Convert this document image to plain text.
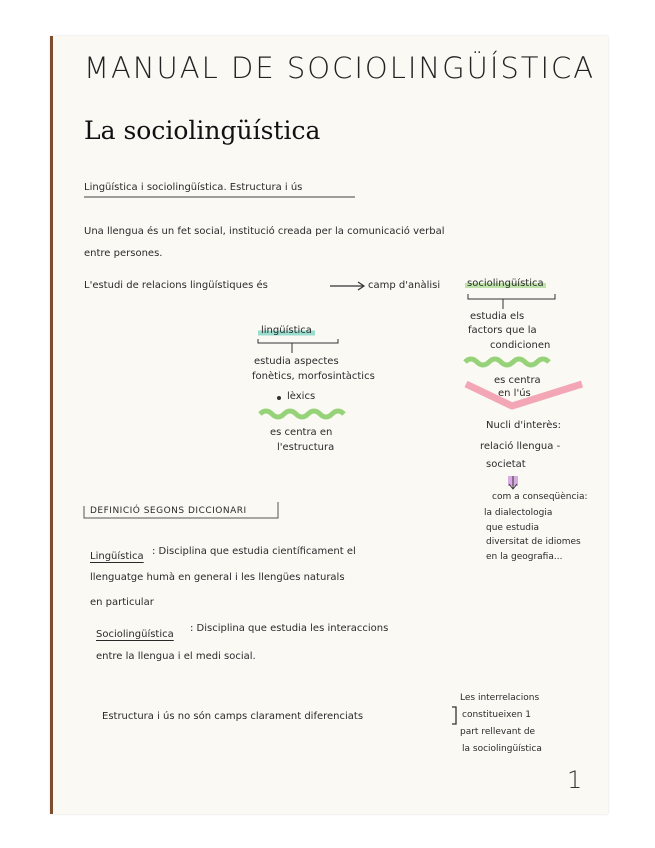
MANUAL DE SOCIOLINGÜÍSTICA
La sociolingüística
Lingüística i sociolingüística. Estructura i ús
Una llengua és un fet social, institució creada per la comunicació verbal
entre persones.
L'estudi de relacions lingüístiques és	camp d'anàlisi	sociolingüística
estudia els
factors que la
condicionen
es centra
en l'ús
lingüística
estudia aspectes
fonètics, morfosintàctics
lèxics
es centra en
l'estructura
Nucli d'interès:
relació llengua -
societat
com a conseqüència:
la dialectologia
que estudia
diversitat de idiomes
en la geografia...
DEFINICIÓ SEGONS DICCIONARI
Lingüística : Disciplina que estudia científicament el
llenguatge humà en general i les llengües naturals
en particular
Sociolingüística
: Disciplina que estudia les interaccions
entre la llengua i el medi social.
Estructura i ús no són camps clarament diferenciats
Les interrelacions
constitueixen 1
part rellevant de
la sociolingüística
1
